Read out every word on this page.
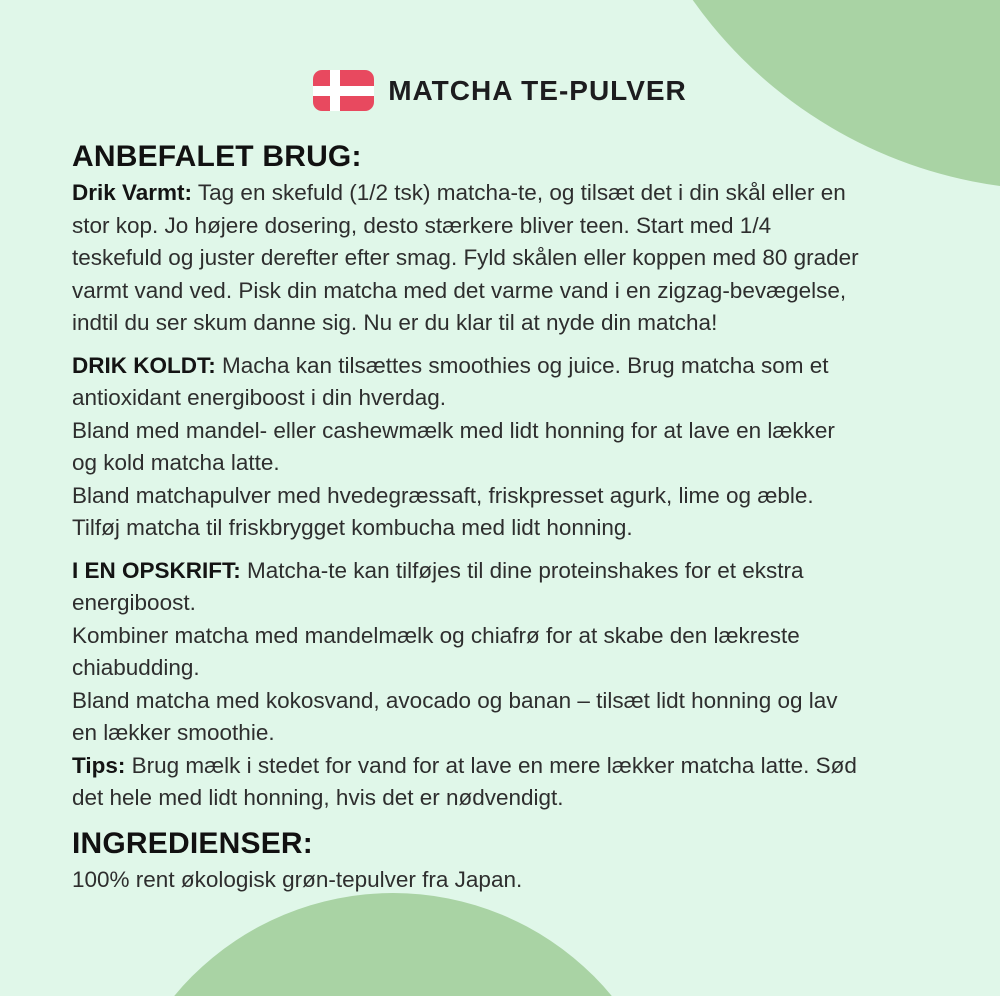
MATCHA TE-PULVER
ANBEFALET BRUG:
Drik Varmt: Tag en skefuld (1/2 tsk) matcha-te, og tilsæt det i din skål eller en
stor kop. Jo højere dosering, desto stærkere bliver teen. Start med 1/4
teskefuld og juster derefter efter smag. Fyld skålen eller koppen med 80 grader
varmt vand ved. Pisk din matcha med det varme vand i en zigzag-bevægelse,
indtil du ser skum danne sig. Nu er du klar til at nyde din matcha!
DRIK KOLDT: Macha kan tilsættes smoothies og juice. Brug matcha som et
antioxidant energiboost i din hverdag.
Bland med mandel- eller cashewmælk med lidt honning for at lave en lækker
og kold matcha latte.
Bland matchapulver med hvedegræssaft, friskpresset agurk, lime og æble.
Tilføj matcha til friskbrygget kombucha med lidt honning.
I EN OPSKRIFT: Matcha-te kan tilføjes til dine proteinshakes for et ekstra
energiboost.
Kombiner matcha med mandelmælk og chiafrø for at skabe den lækreste
chiabudding.
Bland matcha med kokosvand, avocado og banan – tilsæt lidt honning og lav
en lækker smoothie.
Tips: Brug mælk i stedet for vand for at lave en mere lækker matcha latte. Sød
det hele med lidt honning, hvis det er nødvendigt.
INGREDIENSER:
100% rent økologisk grøn-tepulver fra Japan.
